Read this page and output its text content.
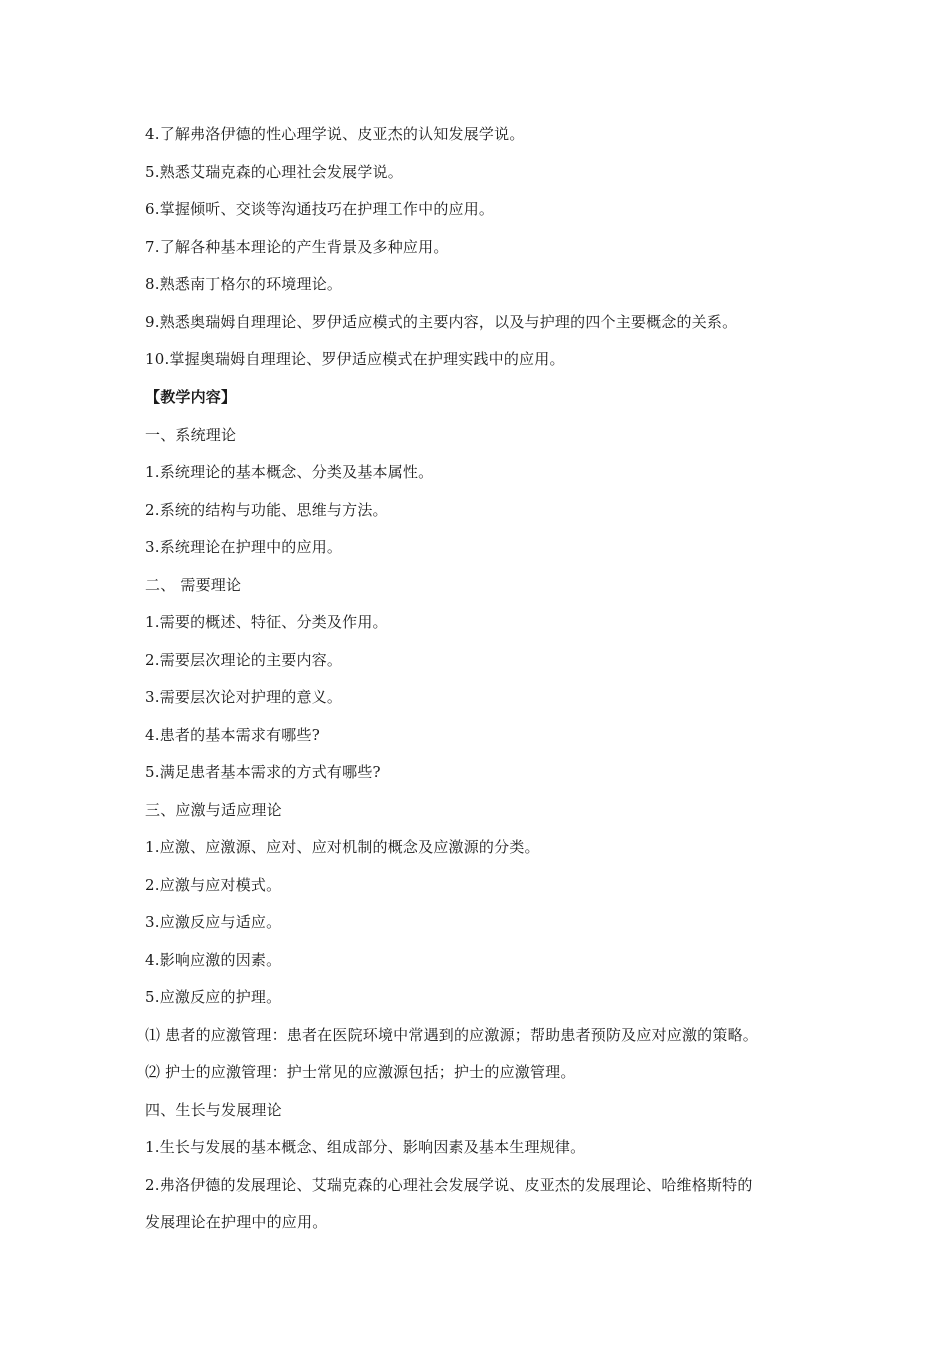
4.了解弗洛伊德的性心理学说、皮亚杰的认知发展学说。
5.熟悉艾瑞克森的心理社会发展学说。
6.掌握倾听、交谈等沟通技巧在护理工作中的应用。
7.了解各种基本理论的产生背景及多种应用。
8.熟悉南丁格尔的环境理论。
9.熟悉奥瑞姆自理理论、罗伊适应模式的主要内容，以及与护理的四个主要概念的关系。
10.掌握奥瑞姆自理理论、罗伊适应模式在护理实践中的应用。
【教学内容】
一、系统理论
1.系统理论的基本概念、分类及基本属性。
2.系统的结构与功能、思维与方法。
3.系统理论在护理中的应用。
二、 需要理论
1.需要的概述、特征、分类及作用。
2.需要层次理论的主要内容。
3.需要层次论对护理的意义。
4.患者的基本需求有哪些?
5.满足患者基本需求的方式有哪些?
三、应激与适应理论
1.应激、应激源、应对、应对机制的概念及应激源的分类。
2.应激与应对模式。
3.应激反应与适应。
4.影响应激的因素。
5.应激反应的护理。
⑴ 患者的应激管理：患者在医院环境中常遇到的应激源；帮助患者预防及应对应激的策略。
⑵ 护士的应激管理：护士常见的应激源包括；护士的应激管理。
四、生长与发展理论
1.生长与发展的基本概念、组成部分、影响因素及基本生理规律。
2.弗洛伊德的发展理论、艾瑞克森的心理社会发展学说、皮亚杰的发展理论、哈维格斯特的
发展理论在护理中的应用。
